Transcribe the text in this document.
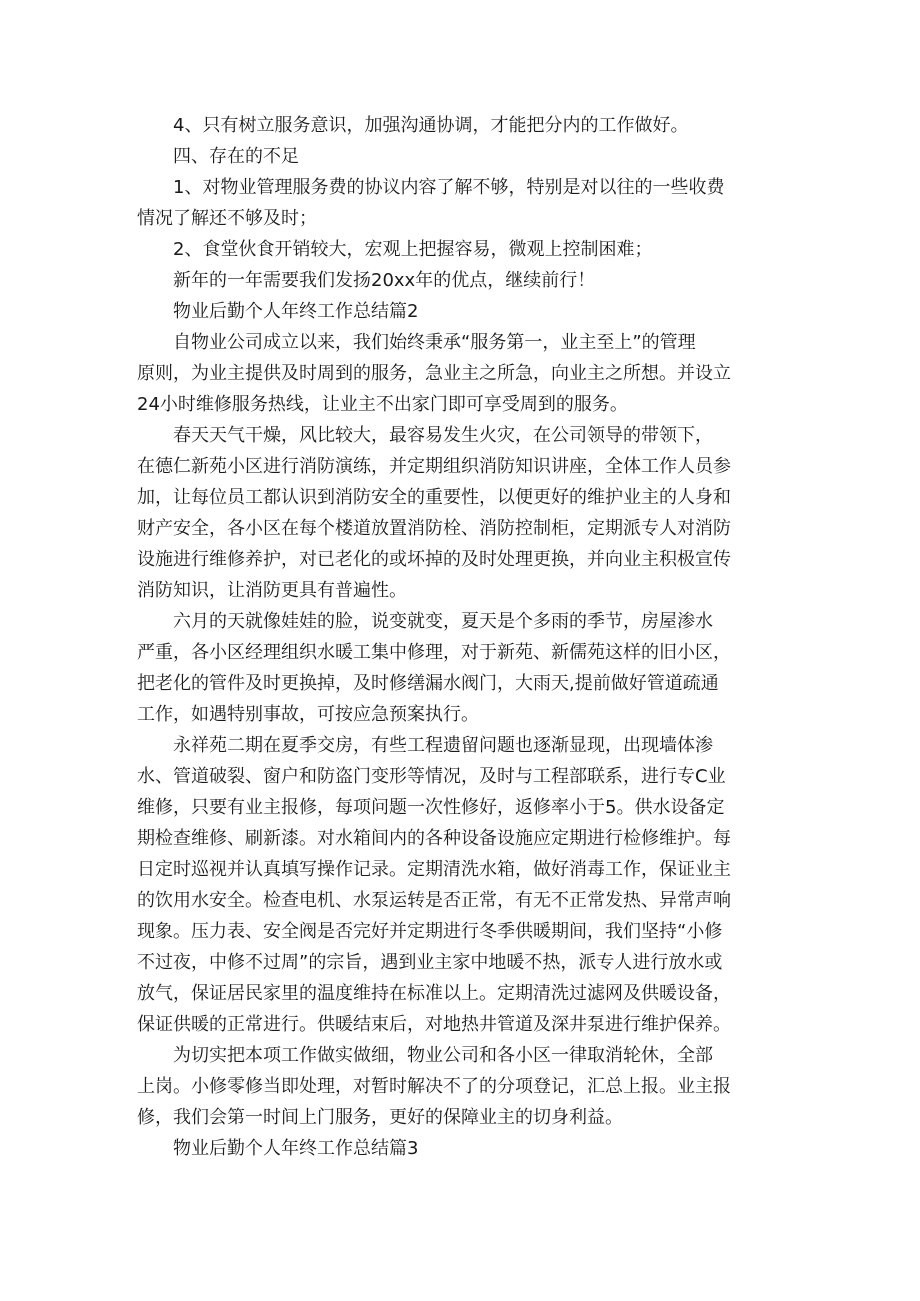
4、只有树立服务意识，加强沟通协调，才能把分内的工作做好。
四、存在的不足
1、对物业管理服务费的协议内容了解不够，特别是对以往的一些收费
情况了解还不够及时；
2、食堂伙食开销较大，宏观上把握容易，微观上控制困难；
新年的一年需要我们发扬20xx年的优点，继续前行！
物业后勤个人年终工作总结篇2
自物业公司成立以来，我们始终秉承“服务第一，业主至上”的管理
原则，为业主提供及时周到的服务，急业主之所急，向业主之所想。并设立
24小时维修服务热线，让业主不出家门即可享受周到的服务。
春天天气干燥，风比较大，最容易发生火灾，在公司领导的带领下，
在德仁新苑小区进行消防演练，并定期组织消防知识讲座，全体工作人员参
加，让每位员工都认识到消防安全的重要性，以便更好的维护业主的人身和
财产安全，各小区在每个楼道放置消防栓、消防控制柜，定期派专人对消防
设施进行维修养护，对已老化的或坏掉的及时处理更换，并向业主积极宣传
消防知识，让消防更具有普遍性。
六月的天就像娃娃的脸，说变就变，夏天是个多雨的季节，房屋渗水
严重，各小区经理组织水暖工集中修理，对于新苑、新儒苑这样的旧小区，
把老化的管件及时更换掉，及时修缮漏水阀门，大雨天,提前做好管道疏通
工作，如遇特别事故，可按应急预案执行。
永祥苑二期在夏季交房，有些工程遗留问题也逐渐显现，出现墙体渗
水、管道破裂、窗户和防盗门变形等情况，及时与工程部联系，进行专C业
维修，只要有业主报修，每项问题一次性修好，返修率小于5。供水设备定
期检查维修、刷新漆。对水箱间内的各种设备设施应定期进行检修维护。每
日定时巡视并认真填写操作记录。定期清洗水箱，做好消毒工作，保证业主
的饮用水安全。检查电机、水泵运转是否正常，有无不正常发热、异常声响
现象。压力表、安全阀是否完好并定期进行冬季供暖期间，我们坚持“小修
不过夜，中修不过周”的宗旨，遇到业主家中地暖不热，派专人进行放水或
放气，保证居民家里的温度维持在标准以上。定期清洗过滤网及供暖设备，
保证供暖的正常进行。供暖结束后，对地热井管道及深井泵进行维护保养。
为切实把本项工作做实做细，物业公司和各小区一律取消轮休，全部
上岗。小修零修当即处理，对暂时解决不了的分项登记，汇总上报。业主报
修，我们会第一时间上门服务，更好的保障业主的切身利益。
物业后勤个人年终工作总结篇3
